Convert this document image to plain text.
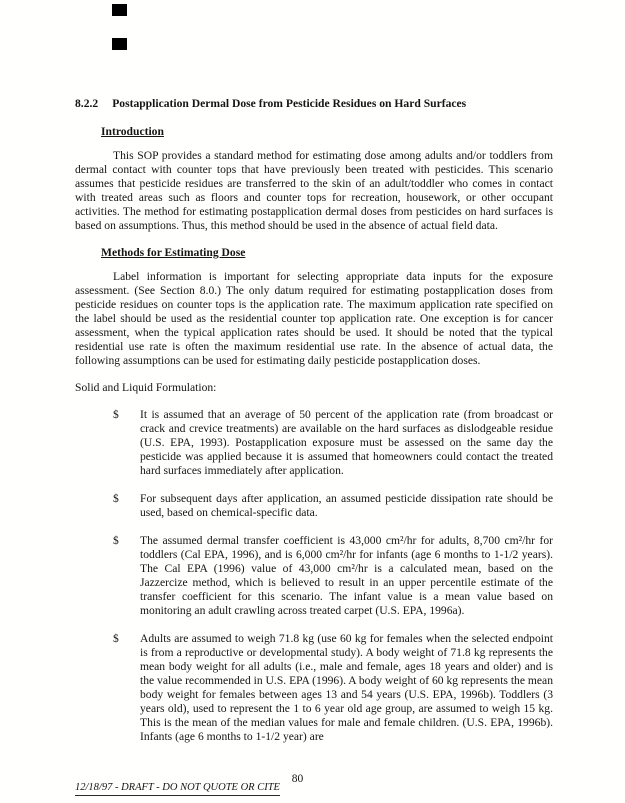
8.2.2 Postapplication Dermal Dose from Pesticide Residues on Hard Surfaces
Introduction

This SOP provides a standard method for estimating dose among adults and/or toddlers from dermal contact with counter tops that have previously been treated with pesticides. This scenario assumes that pesticide residues are transferred to the skin of an adult/toddler who comes in contact with treated areas such as floors and counter tops for recreation, housework, or other occupant activities. The method for estimating postapplication dermal doses from pesticides on hard surfaces is based on assumptions. Thus, this method should be used in the absence of actual field data.

Methods for Estimating Dose

Label information is important for selecting appropriate data inputs for the exposure assessment. (See Section 8.0.) The only datum required for estimating postapplication doses from pesticide residues on counter tops is the application rate. The maximum application rate specified on the label should be used as the residential counter top application rate. One exception is for cancer assessment, when the typical application rates should be used. It should be noted that the typical residential use rate is often the maximum residential use rate. In the absence of actual data, the following assumptions can be used for estimating daily pesticide postapplication doses.

Solid and Liquid Formulation:
$	It is assumed that an average of 50 percent of the application rate (from broadcast or crack and crevice treatments) are available on the hard surfaces as dislodgeable residue (U.S. EPA, 1993). Postapplication exposure must be assessed on the same day the pesticide was applied because it is assumed that homeowners could contact the treated hard surfaces immediately after application.
$	For subsequent days after application, an assumed pesticide dissipation rate should be used, based on chemical-specific data.
$	The assumed dermal transfer coefficient is 43,000 cm²/hr for adults, 8,700 cm²/hr for toddlers (Cal EPA, 1996), and is 6,000 cm²/hr for infants (age 6 months to 1-1/2 years). The Cal EPA (1996) value of 43,000 cm²/hr is a calculated mean, based on the Jazzercize method, which is believed to result in an upper percentile estimate of the transfer coefficient for this scenario. The infant value is a mean value based on monitoring an adult crawling across treated carpet (U.S. EPA, 1996a).
$	Adults are assumed to weigh 71.8 kg (use 60 kg for females when the selected endpoint is from a reproductive or developmental study). A body weight of 71.8 kg represents the mean body weight for all adults (i.e., male and female, ages 18 years and older) and is the value recommended in U.S. EPA (1996). A body weight of 60 kg represents the mean body weight for females between ages 13 and 54 years (U.S. EPA, 1996b). Toddlers (3 years old), used to represent the 1 to 6 year old age group, are assumed to weigh 15 kg. This is the mean of the median values for male and female children. (U.S. EPA, 1996b). Infants (age 6 months to 1-1/2 year) are
12/18/97 - DRAFT - DO NOT QUOTE OR CITE
80
